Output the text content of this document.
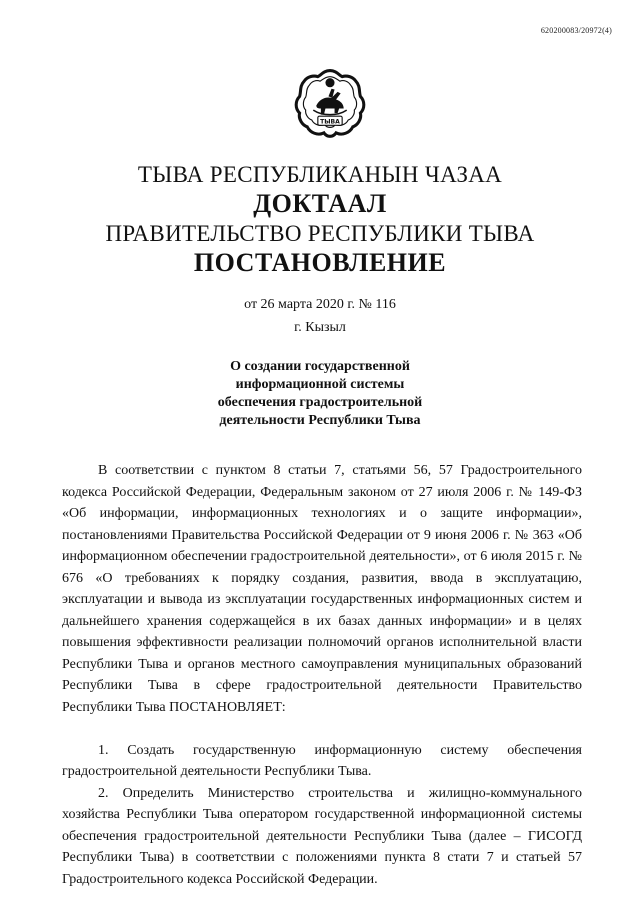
620200083/20972(4)
ТЫВА
ТЫВА РЕСПУБЛИКАНЫН ЧАЗАА
ДОКТААЛ
ПРАВИТЕЛЬСТВО РЕСПУБЛИКИ ТЫВА
ПОСТАНОВЛЕНИЕ
от 26 марта 2020 г. № 116
г. Кызыл
О создании государственной
информационной системы
обеспечения градостроительной
деятельности Республики Тыва

В соответствии с пунктом 8 статьи 7, статьями 56, 57 Градостроительного кодекса Российской Федерации, Федеральным законом от 27 июля 2006 г. № 149-ФЗ «Об информации, информационных технологиях и о защите информации», постановлениями Правительства Российской Федерации от 9 июня 2006 г. № 363 «Об информационном обеспечении градостроительной деятельности», от 6 июля 2015 г. № 676 «О требованиях к порядку создания, развития, ввода в эксплуатацию, эксплуатации и вывода из эксплуатации государственных информационных систем и дальнейшего хранения содержащейся в их базах данных информации» и в целях повышения эффективности реализации полномочий органов исполнительной власти Республики Тыва и органов местного самоуправления муниципальных образований Республики Тыва в сфере градостроительной деятельности Правительство Республики Тыва ПОСТАНОВЛЯЕТ:

1. Создать государственную информационную систему обеспечения градостроительной деятельности Республики Тыва.

2. Определить Министерство строительства и жилищно-коммунального хозяйства Республики Тыва оператором государственной информационной системы обеспечения градостроительной деятельности Республики Тыва (далее – ГИСОГД Республики Тыва) в соответствии с положениями пункта 8 стати 7 и статьей 57 Градостроительного кодекса Российской Федерации.
